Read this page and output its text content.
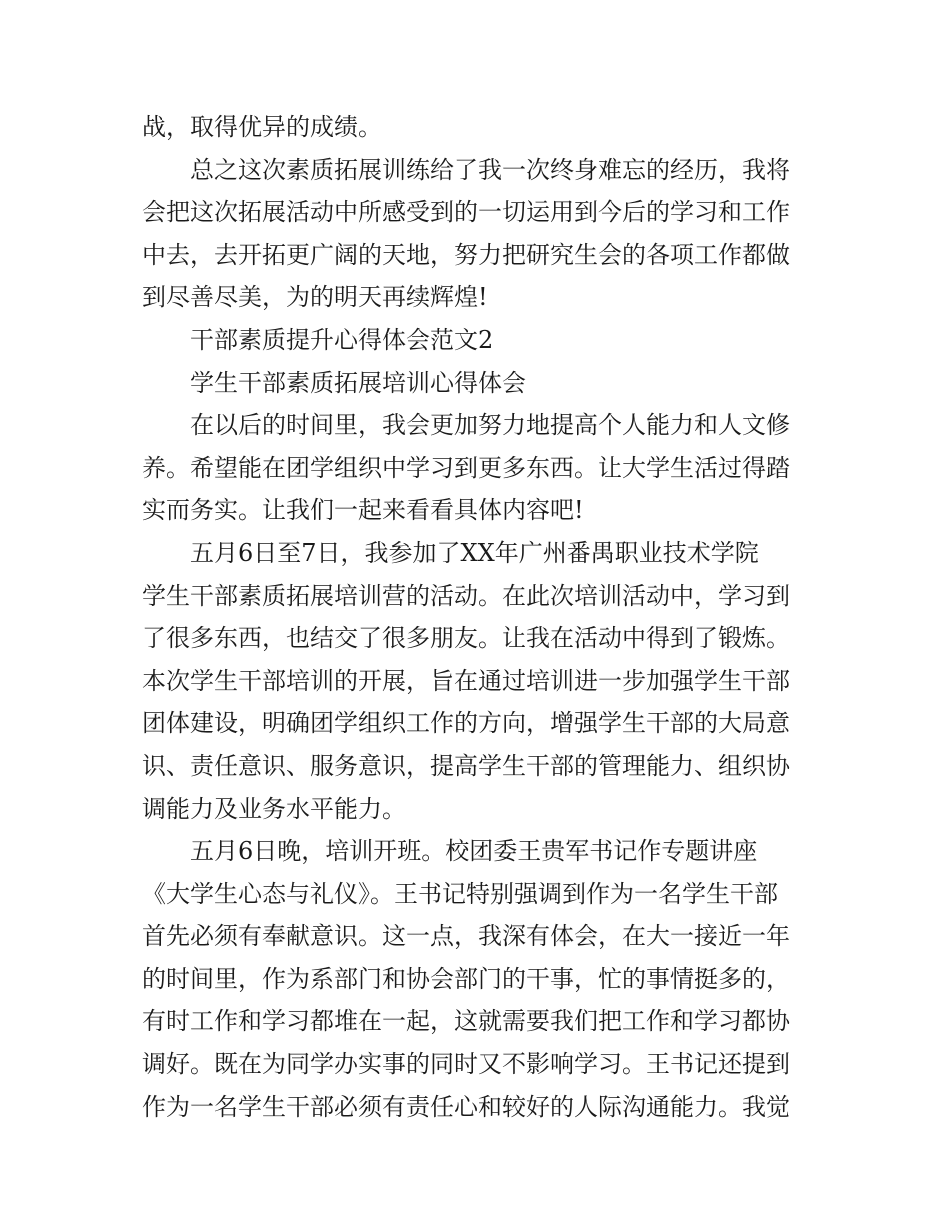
战，取得优异的成绩。
总之这次素质拓展训练给了我一次终身难忘的经历，我将
会把这次拓展活动中所感受到的一切运用到今后的学习和工作
中去，去开拓更广阔的天地，努力把研究生会的各项工作都做
到尽善尽美，为的明天再续辉煌!
干部素质提升心得体会范文2
学生干部素质拓展培训心得体会
在以后的时间里，我会更加努力地提高个人能力和人文修
养。希望能在团学组织中学习到更多东西。让大学生活过得踏
实而务实。让我们一起来看看具体内容吧!
五月6日至7日，我参加了XX年广州番禺职业技术学院
学生干部素质拓展培训营的活动。在此次培训活动中，学习到
了很多东西，也结交了很多朋友。让我在活动中得到了锻炼。
本次学生干部培训的开展，旨在通过培训进一步加强学生干部
团体建设，明确团学组织工作的方向，增强学生干部的大局意
识、责任意识、服务意识，提高学生干部的管理能力、组织协
调能力及业务水平能力。
五月6日晚，培训开班。校团委王贵军书记作专题讲座
《大学生心态与礼仪》。王书记特别强调到作为一名学生干部
首先必须有奉献意识。这一点，我深有体会，在大一接近一年
的时间里，作为系部门和协会部门的干事，忙的事情挺多的，
有时工作和学习都堆在一起，这就需要我们把工作和学习都协
调好。既在为同学办实事的同时又不影响学习。王书记还提到
作为一名学生干部必须有责任心和较好的人际沟通能力。我觉
